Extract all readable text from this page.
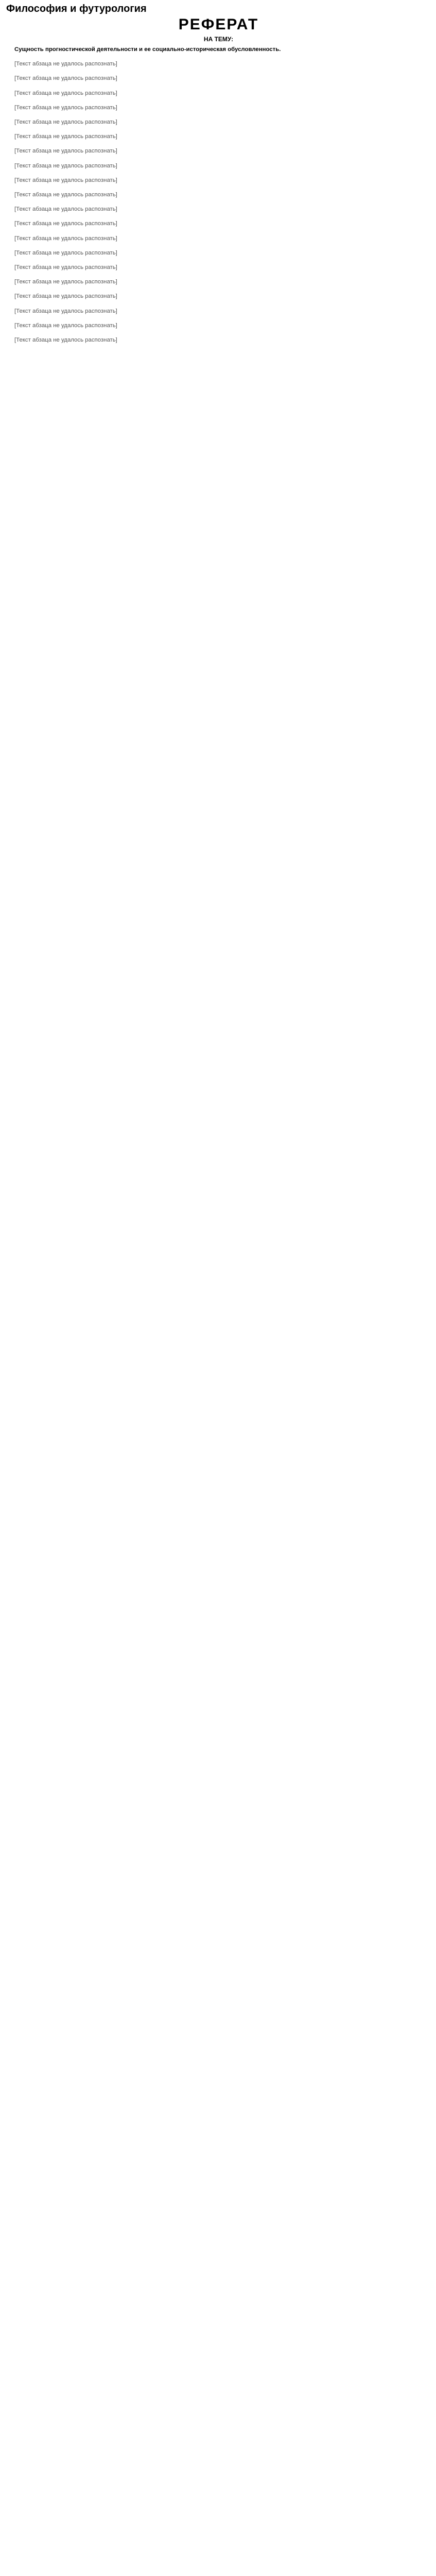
Философия и футурология
РЕФЕРАТ
НА ТЕМУ:

Сущность прогностической деятельности и ее социально-историческая обусловленность.

[Текст абзаца не удалось распознать]

[Текст абзаца не удалось распознать]

[Текст абзаца не удалось распознать]

[Текст абзаца не удалось распознать]

[Текст абзаца не удалось распознать]

[Текст абзаца не удалось распознать]

[Текст абзаца не удалось распознать]

[Текст абзаца не удалось распознать]

[Текст абзаца не удалось распознать]

[Текст абзаца не удалось распознать]

[Текст абзаца не удалось распознать]

[Текст абзаца не удалось распознать]

[Текст абзаца не удалось распознать]

[Текст абзаца не удалось распознать]

[Текст абзаца не удалось распознать]

[Текст абзаца не удалось распознать]

[Текст абзаца не удалось распознать]

[Текст абзаца не удалось распознать]

[Текст абзаца не удалось распознать]

[Текст абзаца не удалось распознать]
